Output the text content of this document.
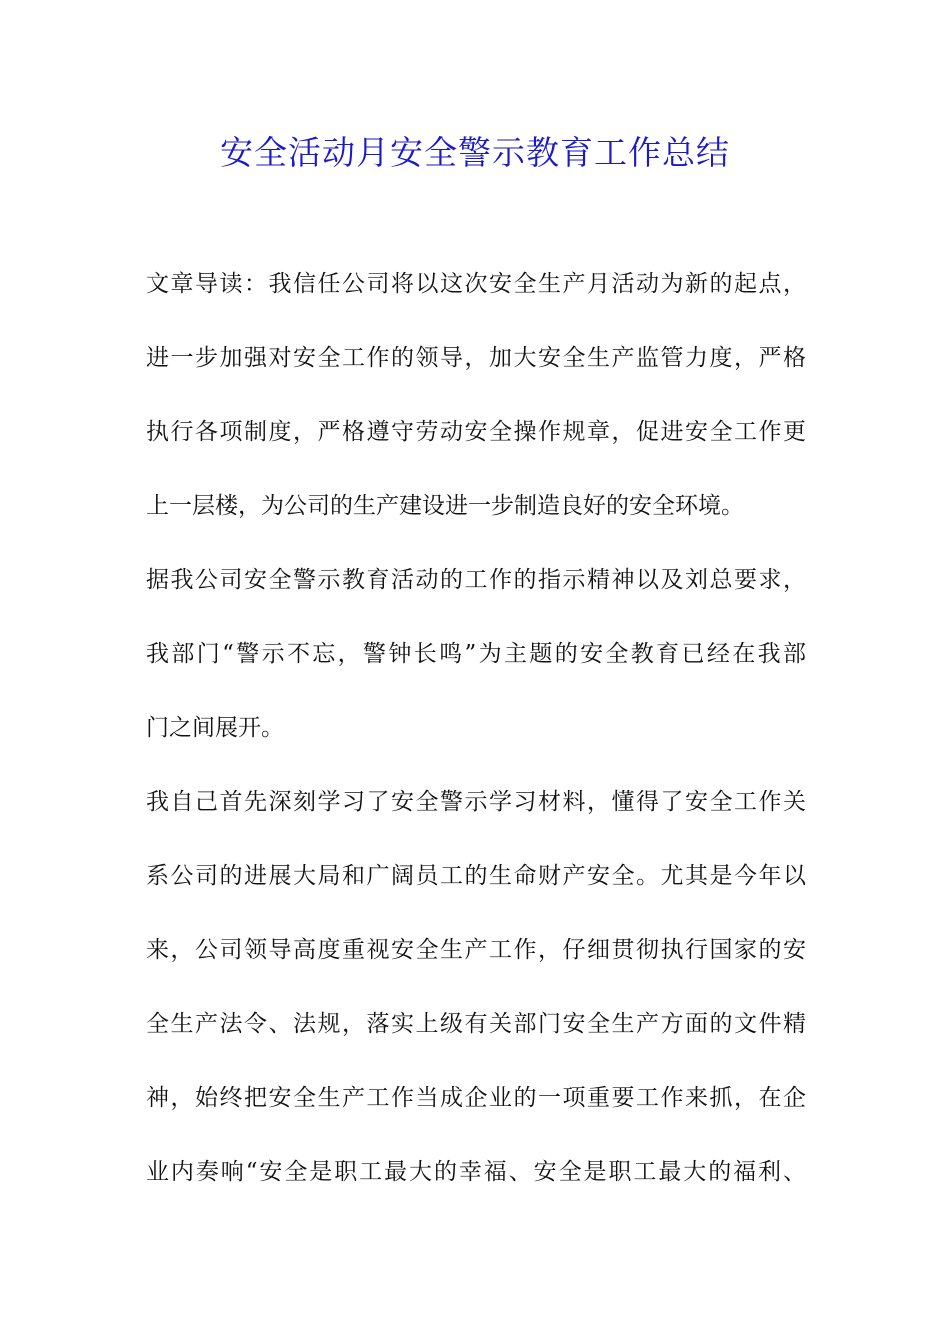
安全活动月安全警示教育工作总结
文章导读：我信任公司将以这次安全生产月活动为新的起点，
进一步加强对安全工作的领导，加大安全生产监管力度，严格
执行各项制度，严格遵守劳动安全操作规章，促进安全工作更
上一层楼，为公司的生产建设进一步制造良好的安全环境。
据我公司安全警示教育活动的工作的指示精神以及刘总要求，
我部门“警示不忘，警钟长鸣”为主题的安全教育已经在我部
门之间展开。
我自己首先深刻学习了安全警示学习材料，懂得了安全工作关
系公司的进展大局和广阔员工的生命财产安全。尤其是今年以
来，公司领导高度重视安全生产工作，仔细贯彻执行国家的安
全生产法令、法规，落实上级有关部门安全生产方面的文件精
神，始终把安全生产工作当成企业的一项重要工作来抓，在企
业内奏响“安全是职工最大的幸福、安全是职工最大的福利、
